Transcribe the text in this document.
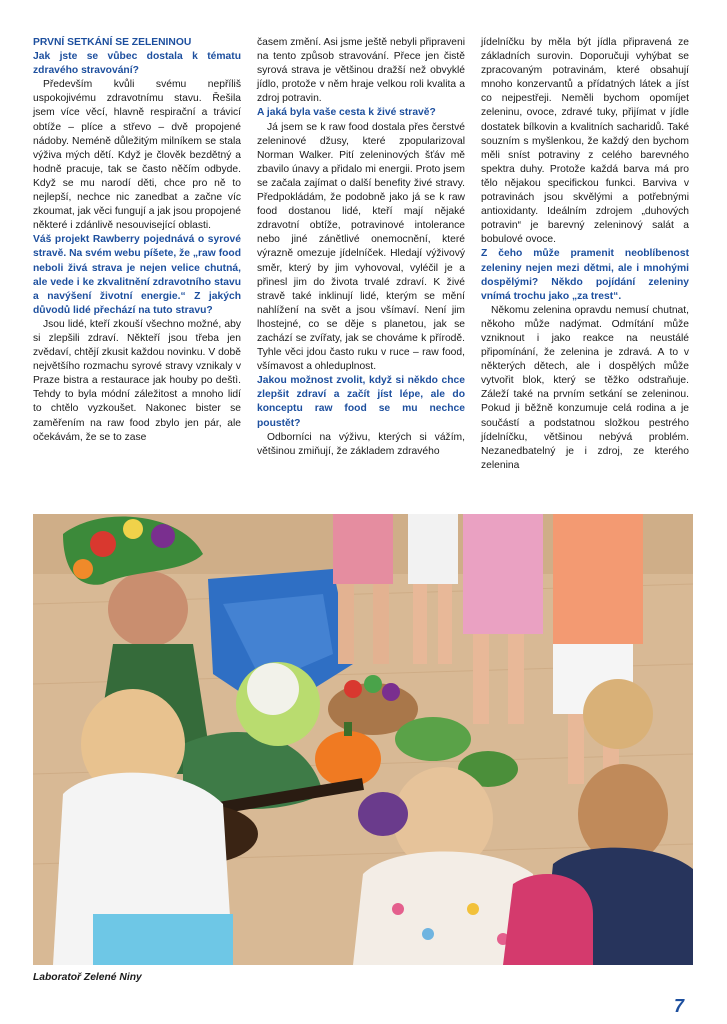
PRVNÍ SETKÁNÍ SE ZELENINOU
Jak jste se vůbec dostala k tématu zdravého stravování?

Především kvůli svému nepříliš uspokojivému zdravotnímu stavu. Řešila jsem více věcí, hlavně respirační a trávicí obtíže – plíce a střevo – dvě propojené nádoby. Neméně důležitým milníkem se stala výživa mých dětí. Když je člověk bezdětný a hodně pracuje, tak se často něčím odbyde. Když se mu narodí děti, chce pro ně to nejlepší, nechce nic zanedbat a začne víc zkoumat, jak věci fungují a jak jsou propojené některé i zdánlivě nesouvisející oblasti.

Váš projekt Rawberry pojednává o syrové stravě. Na svém webu píšete, že „raw food neboli živá strava je nejen velice chutná, ale vede i ke zkvalitnění zdravotního stavu a navýšení životní energie.“ Z jakých důvodů lidé přechází na tuto stravu?

Jsou lidé, kteří zkouší všechno možné, aby si zlepšili zdraví. Někteří jsou třeba jen zvědaví, chtějí zkusit každou novinku. V době největšího rozmachu syrové stravy vznikaly v Praze bistra a restaurace jak houby po deštì. Tehdy to byla módní záležitost a mnoho lidí to chtělo vyzkoušet. Nakonec bister se zaměřením na raw food zbylo jen pár, ale očekávám, že se to zase

časem změní. Asi jsme ještě nebyli připraveni na tento způsob stravování. Přece jen čistě syrová strava je většinou dražší než obvyklé jídlo, protože v něm hraje velkou roli kvalita a zdroj potravin.

A jaká byla vaše cesta k živé stravě?

Já jsem se k raw food dostala přes čerstvé zeleninové džusy, které zpopularizoval Norman Walker. Pití zeleninových šťáv mě zbavilo únavy a přidalo mi energii. Proto jsem se začala zajímat o další benefity živé stravy. Předpokládám, že podobně jako já se k raw food dostanou lidé, kteří mají nějaké zdravotní obtíže, potravinové intolerance nebo jiné zánětlivé onemocnění, které výrazně omezuje jídelníček. Hledají výživový směr, který by jim vyhovoval, vyléčil je a přinesl jim do života trvalé zdraví. K živé stravě také inklinují lidé, kterým se mění nahlížení na svět a jsou všímaví. Není jim lhostejné, co se děje s planetou, jak se zachází se zvířaty, jak se chováme k přírodě. Tyhle věci jdou často ruku v ruce – raw food, všímavost a ohleduplnost.

Jakou možnost zvolit, když si někdo chce zlepšit zdraví a začít jíst lépe, ale do konceptu raw food se mu nechce poustět?

Odborníci na výživu, kterých si vážím, většinou zmiňují, že základem zdravého

jídelníčku by měla být jídla připravená ze základních surovin. Doporučuji vyhýbat se zpracovaným potravinám, které obsahují mnoho konzervantů a přídatných látek a jíst co nejpestřeji. Neměli bychom opomíjet zeleninu, ovoce, zdravé tuky, přijímat v jídle dostatek bílkovin a kvalitních sacharidů. Také souzním s myšlenkou, že každý den bychom měli sníst potraviny z celého barevného spektra duhy. Protože každá barva má pro tělo nějakou specifickou funkci. Barviva v potravinách jsou skvělými a potřebnými antioxidanty. Ideálním zdrojem „duhových potravin“ je barevný zeleninový salát a bobulové ovoce.

Z čeho může pramenit neoblíbenost zeleniny nejen mezi dětmi, ale i mnohými dospělými? Někdo pojídání zeleniny vnímá trochu jako „za trest“.

Někomu zelenina opravdu nemusí chutnat, někoho může nadýmat. Odmítání může vzniknout i jako reakce na neustálé připomínání, že zelenina je zdravá. A to v některých dětech, ale i dospělých může vytvořit blok, který se těžko odstraňuje. Záleží také na prvním setkání se zeleninou. Pokud ji běžně konzumuje celá rodina a je součástí a podstatnou složkou pestrého jídelníčku, většinou nebývá problém. Nezanedbatelný je i zdroj, ze kterého zelenina

Laboratoř Zelené Niny
7
